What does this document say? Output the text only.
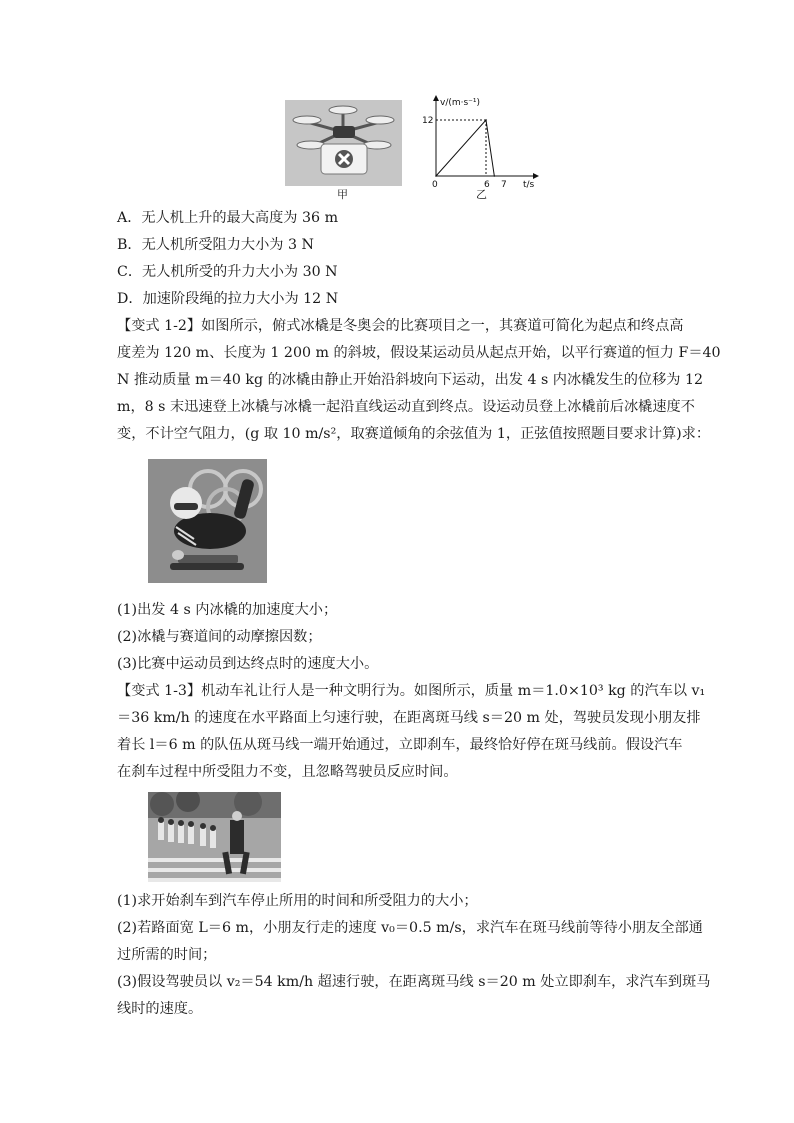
甲
v/(m·s⁻¹)
t/s
12
0	6 7
乙
A．无人机上升的最大高度为 36 m
B．无人机所受阻力大小为 3 N
C．无人机所受的升力大小为 30 N
D．加速阶段绳的拉力大小为 12 N
【变式 1-2】如图所示，俯式冰橇是冬奥会的比赛项目之一，其赛道可简化为起点和终点高
度差为 120 m、长度为 1 200 m 的斜坡，假设某运动员从起点开始，以平行赛道的恒力 F＝40
N 推动质量 m＝40 kg 的冰橇由静止开始沿斜坡向下运动，出发 4 s 内冰橇发生的位移为 12
m，8 s 末迅速登上冰橇与冰橇一起沿直线运动直到终点。设运动员登上冰橇前后冰橇速度不
变，不计空气阻力，(g 取 10 m/s²，取赛道倾角的余弦值为 1，正弦值按照题目要求计算)求：
(1)出发 4 s 内冰橇的加速度大小；
(2)冰橇与赛道间的动摩擦因数；
(3)比赛中运动员到达终点时的速度大小。
【变式 1-3】机动车礼让行人是一种文明行为。如图所示，质量 m＝1.0×10³ kg 的汽车以 v₁
＝36 km/h 的速度在水平路面上匀速行驶，在距离斑马线 s＝20 m 处，驾驶员发现小朋友排
着长 l＝6 m 的队伍从斑马线一端开始通过，立即刹车，最终恰好停在斑马线前。假设汽车
在刹车过程中所受阻力不变，且忽略驾驶员反应时间。
(1)求开始刹车到汽车停止所用的时间和所受阻力的大小；
(2)若路面宽 L＝6 m，小朋友行走的速度 v₀＝0.5 m/s，求汽车在斑马线前等待小朋友全部通
过所需的时间；
(3)假设驾驶员以 v₂＝54 km/h 超速行驶，在距离斑马线 s＝20 m 处立即刹车，求汽车到斑马
线时的速度。
